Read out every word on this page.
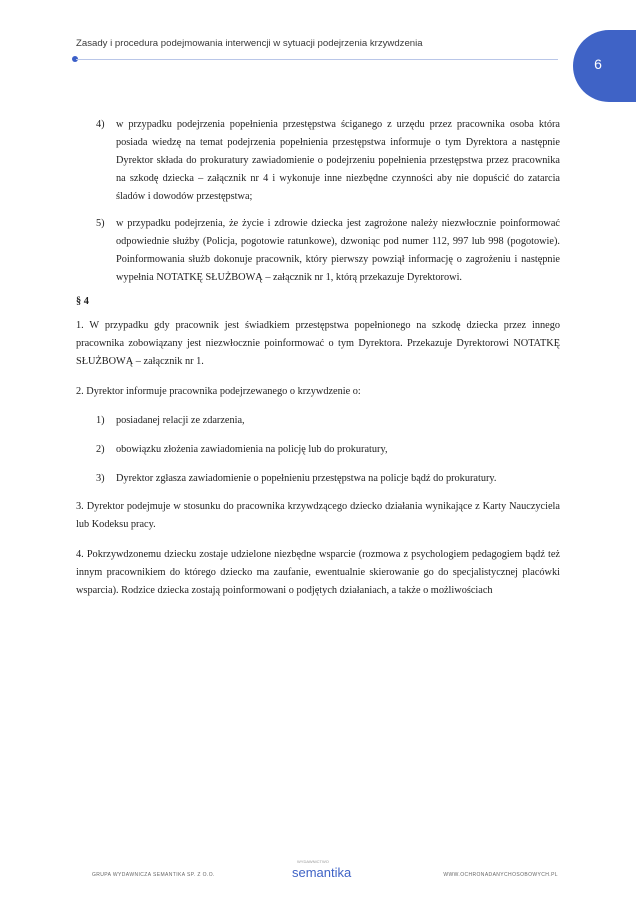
Zasady i procedura podejmowania interwencji w sytuacji podejrzenia krzywdzenia
6
4)	w przypadku podejrzenia popełnienia przestępstwa ściganego z urzędu przez pracownika osoba która posiada wiedzę na temat podejrzenia popełnienia przestępstwa informuje o tym Dyrektora a następnie Dyrektor składa do prokuratury zawiadomienie o podejrzeniu popełnienia przestępstwa przez pracownika na szkodę dziecka – załącznik nr 4 i wykonuje inne niezbędne czynności aby nie dopuścić do zatarcia śladów i dowodów przestępstwa;
5)	w przypadku podejrzenia, że życie i zdrowie dziecka jest zagrożone należy niezwłocznie poinformować odpowiednie służby (Policja, pogotowie ratunkowe), dzwoniąc pod numer 112, 997 lub 998 (pogotowie). Poinformowania służb dokonuje pracownik, który pierwszy powziął informację o zagrożeniu i następnie wypełnia NOTATKĘ SŁUŻBOWĄ – załącznik nr 1, którą przekazuje Dyrektorowi.

§ 4

1. W przypadku gdy pracownik jest świadkiem przestępstwa popełnionego na szkodę dziecka przez innego pracownika zobowiązany jest niezwłocznie poinformować o tym Dyrektora. Przekazuje Dyrektorowi NOTATKĘ SŁUŻBOWĄ – załącznik nr 1.

2. Dyrektor informuje pracownika podejrzewanego o krzywdzenie o:

1)	posiadanej relacji ze zdarzenia,
2)	obowiązku złożenia zawiadomienia na policję lub do prokuratury,
3)	Dyrektor zgłasza zawiadomienie o popełnieniu przestępstwa na policje bądź do prokuratury.

3. Dyrektor podejmuje w stosunku do pracownika krzywdzącego dziecko działania wynikające z Karty Nauczyciela lub Kodeksu pracy.

4. Pokrzywdzonemu dziecku zostaje udzielone niezbędne wsparcie (rozmowa z psychologiem pedagogiem bądź też innym pracownikiem do którego dziecko ma zaufanie, ewentualnie skierowanie go do specjalistycznej placówki wsparcia). Rodzice dziecka zostają poinformowani o podjętych działaniach, a także o możliwościach

GRUPA WYDAWNICZA SEMANTIKA SP. Z O.O.
WYDAWNICTWO
semantika	WWW.OCHRONADANYCHOSOBOWYCH.PL
